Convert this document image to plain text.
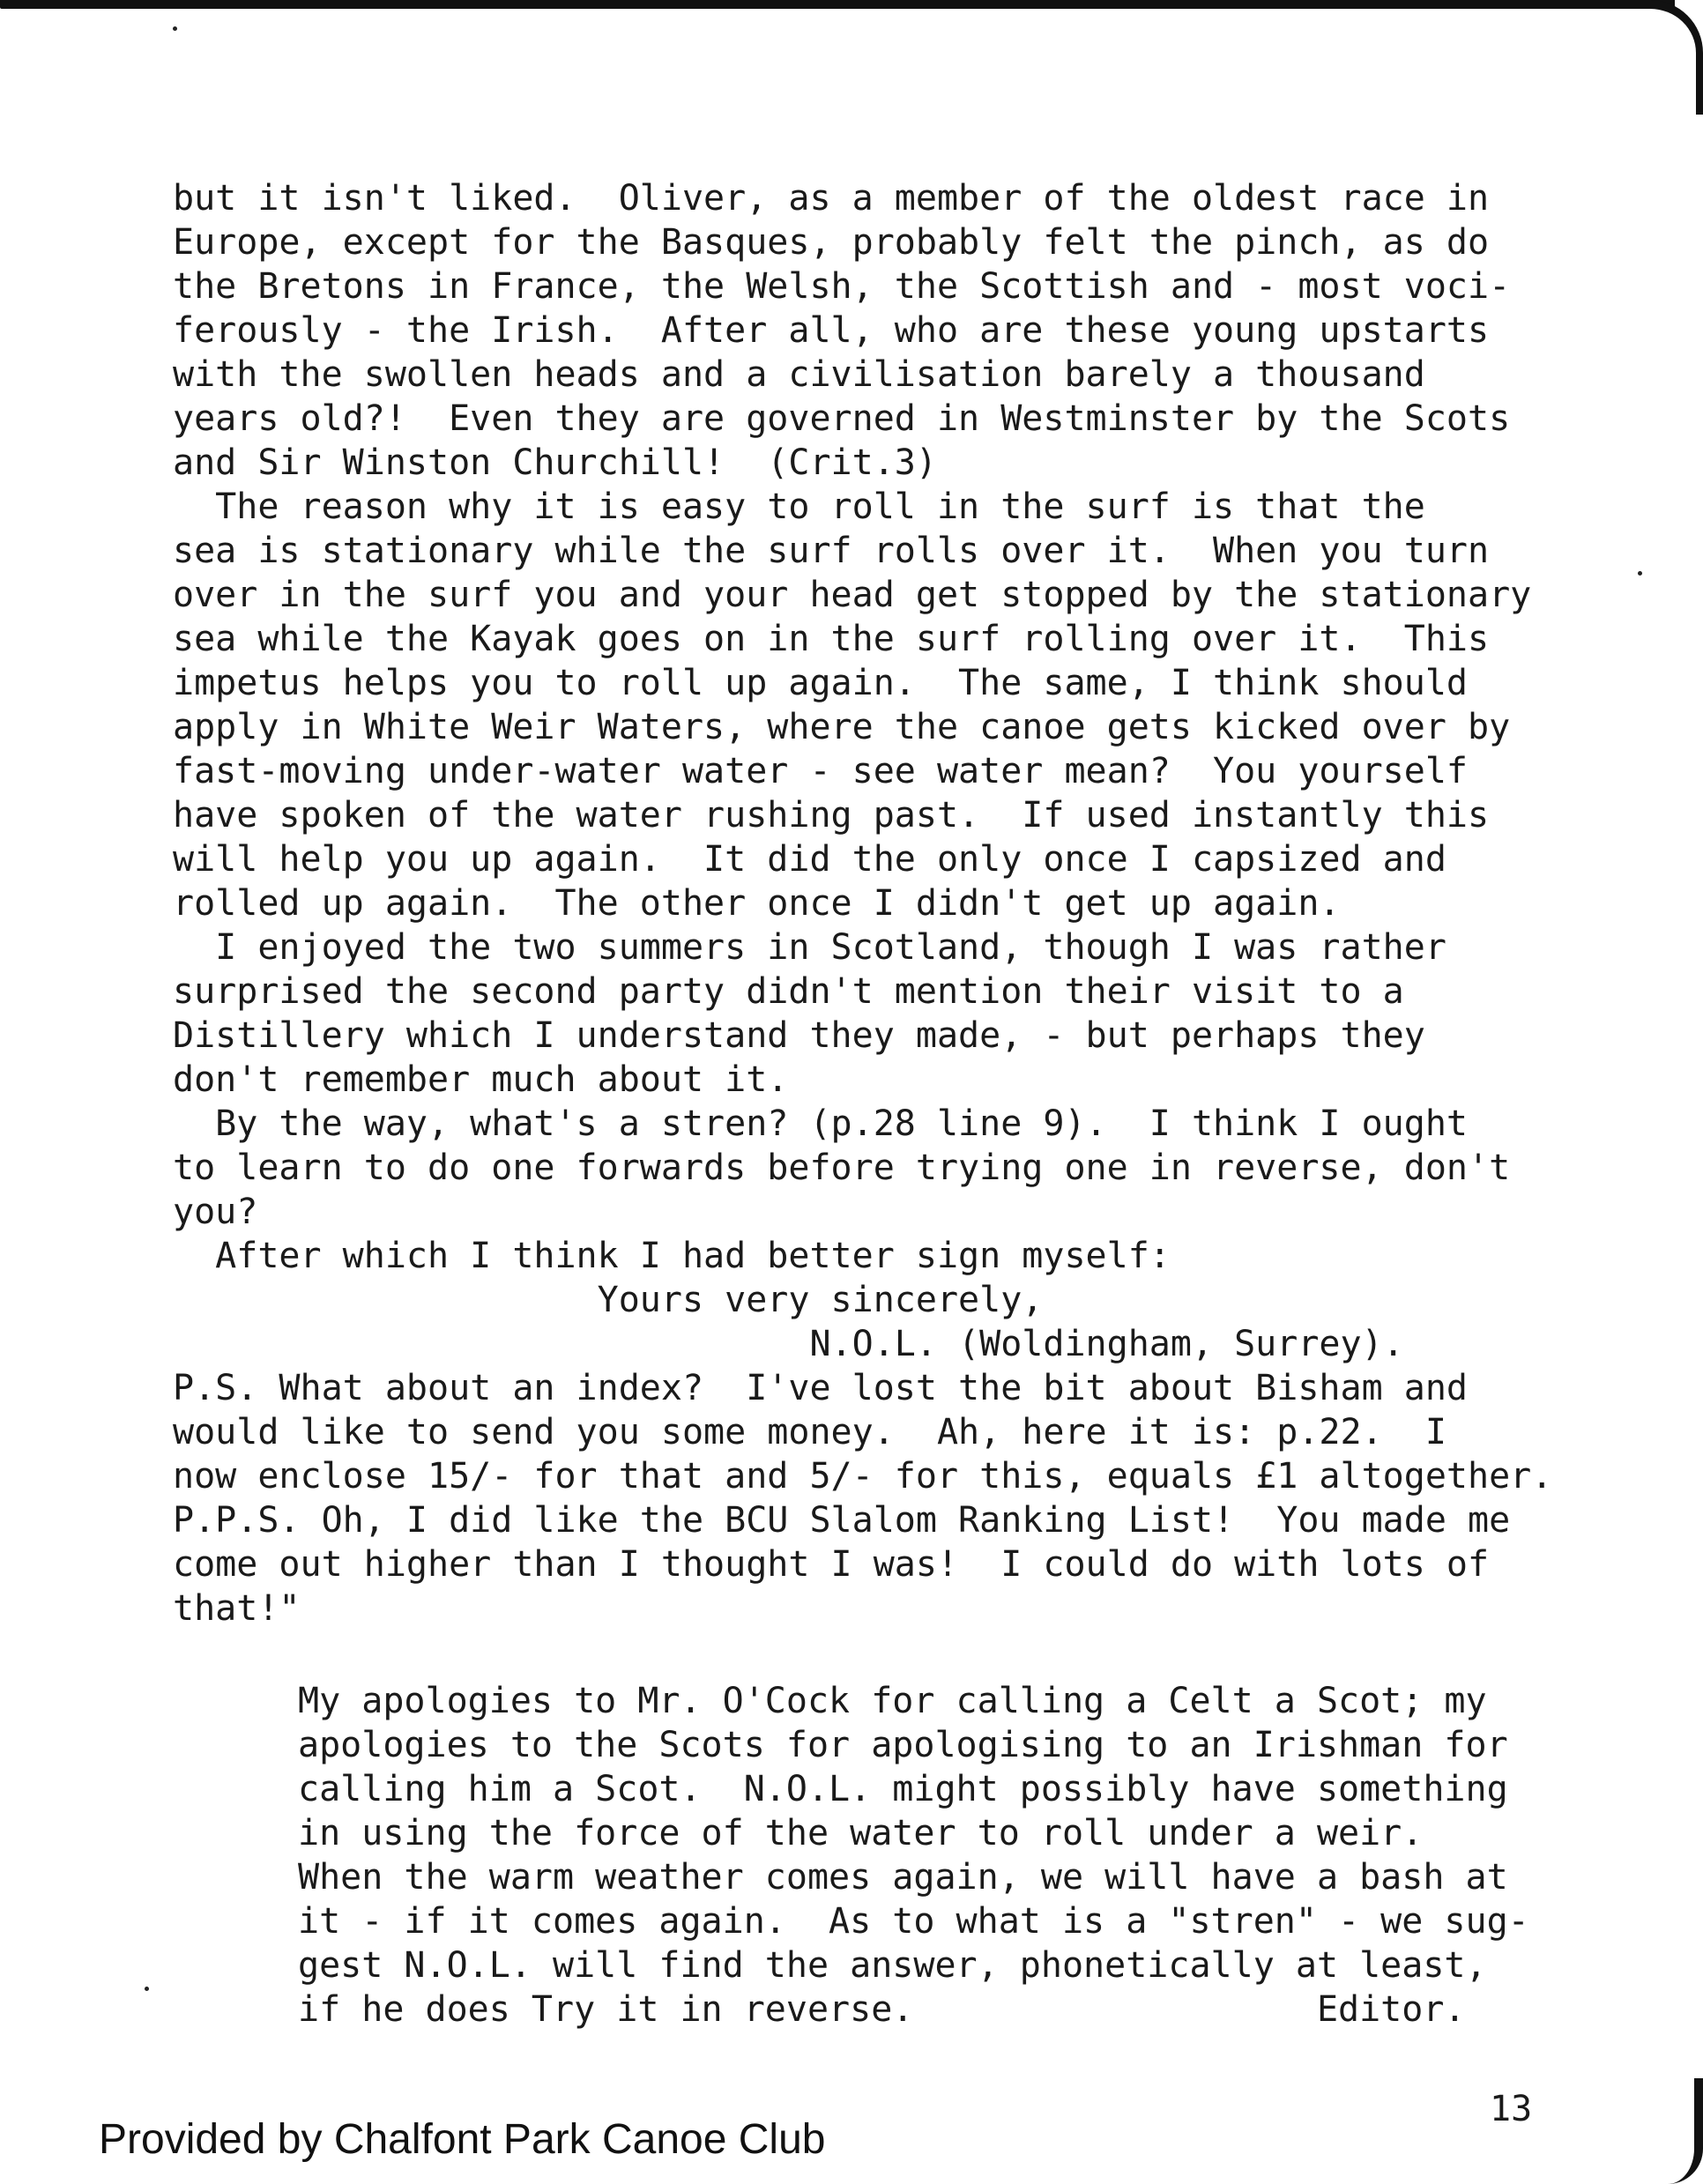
but it isn't liked.  Oliver, as a member of the oldest race in
Europe, except for the Basques, probably felt the pinch, as do
the Bretons in France, the Welsh, the Scottish and - most voci-
ferously - the Irish.  After all, who are these young upstarts
with the swollen heads and a civilisation barely a thousand
years old?!  Even they are governed in Westminster by the Scots
and Sir Winston Churchill!  (Crit.3)
The reason why it is easy to roll in the surf is that the
sea is stationary while the surf rolls over it.  When you turn
over in the surf you and your head get stopped by the stationary
sea while the Kayak goes on in the surf rolling over it.  This
impetus helps you to roll up again.  The same, I think should
apply in White Weir Waters, where the canoe gets kicked over by
fast-moving under-water water - see water mean?  You yourself
have spoken of the water rushing past.  If used instantly this
will help you up again.  It did the only once I capsized and
rolled up again.  The other once I didn't get up again.
I enjoyed the two summers in Scotland, though I was rather
surprised the second party didn't mention their visit to a
Distillery which I understand they made, - but perhaps they
don't remember much about it.
By the way, what's a stren? (p.28 line 9).  I think I ought
to learn to do one forwards before trying one in reverse, don't
you?
After which I think I had better sign myself:
Yours very sincerely,
N.O.L. (Woldingham, Surrey).
P.S. What about an index?  I've lost the bit about Bisham and
would like to send you some money.  Ah, here it is: p.22.  I
now enclose 15/- for that and 5/- for this, equals £1 altogether.
P.P.S. Oh, I did like the BCU Slalom Ranking List!  You made me
come out higher than I thought I was!  I could do with lots of
that!"
My apologies to Mr. O'Cock for calling a Celt a Scot; my
apologies to the Scots for apologising to an Irishman for
calling him a Scot.  N.O.L. might possibly have something
in using the force of the water to roll under a weir.
When the warm weather comes again, we will have a bash at
it - if it comes again.  As to what is a "stren" - we sug-
gest N.O.L. will find the answer, phonetically at least,
if he does Try it in reverse.                   Editor.

13

Provided by Chalfont Park Canoe Club
